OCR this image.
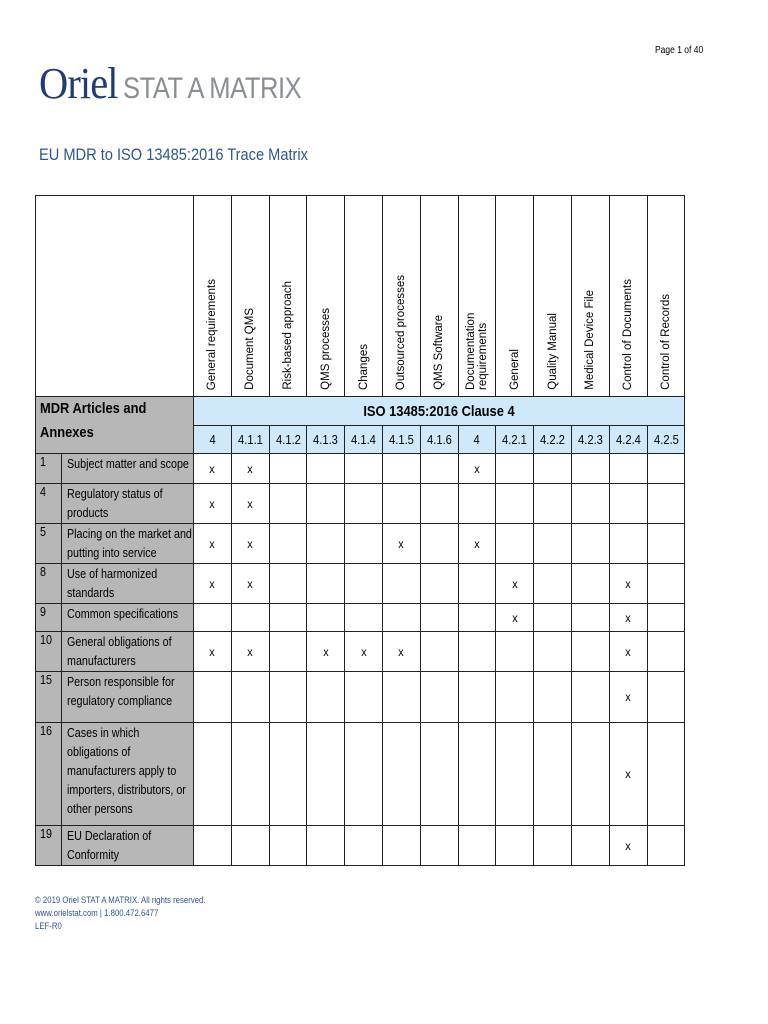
Page 1 of 40
Oriel STAT A MATRIX
EU MDR to ISO 13485:2016 Trace Matrix

		General requirements	Document QMS	Risk-based approach	QMS processes	Changes	Outsourced processes	QMS Software	Documentation requirements	General	Quality Manual	Medical Device File	Control of Documents	Control of Records

MDR Articles and Annexes		ISO 13485:2016 Clause 4												
		4	4.1.1	4.1.2	4.1.3	4.1.4	4.1.5	4.1.6	4	4.2.1	4.2.2	4.2.3	4.2.4	4.2.5
1	Subject matter and scope	x	x						x					
4	Regulatory status of products	x	x											
5	Placing on the market and putting into service	x	x				x		x					
8	Use of harmonized standards	x	x							x			x	
9	Common specifications									x			x	
10	General obligations of manufacturers	x	x		x	x	x						x	
15	Person responsible for regulatory compliance												x	
16	Cases in which obligations of manufacturers apply to importers, distributors, or other persons												x	
19	EU Declaration of Conformity												x	
© 2019 Oriel STAT A MATRIX. All rights reserved.
www.orielstat.com | 1.800.472.6477
LEF-R0
